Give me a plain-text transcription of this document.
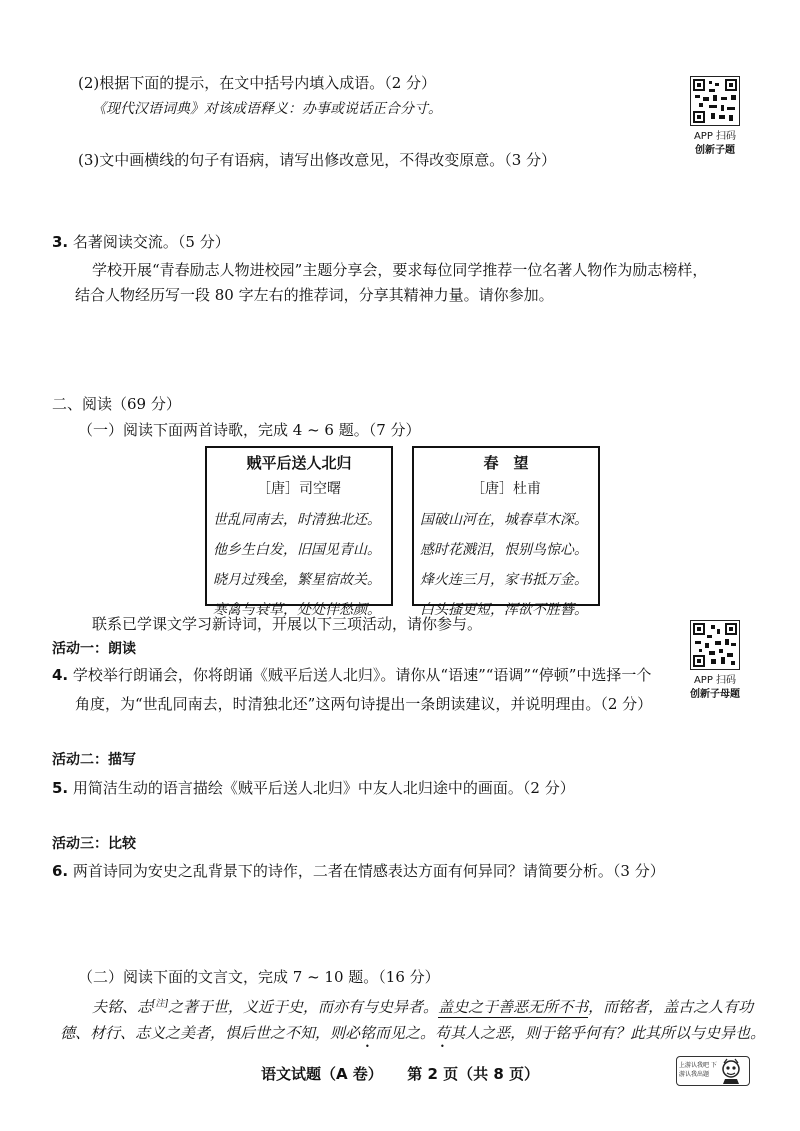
(2)根据下面的提示，在文中括号内填入成语。（2 分）
《现代汉语词典》对该成语释义：办事或说话正合分寸。
(3)文中画横线的句子有语病，请写出修改意见，不得改变原意。（3 分）
APP 扫码
创新子题
3. 名著阅读交流。（5 分）
学校开展“青春励志人物进校园”主题分享会，要求每位同学推荐一位名著人物作为励志榜样，
结合人物经历写一段 80 字左右的推荐词，分享其精神力量。请你参加。
二、阅读（69 分）
（一）阅读下面两首诗歌，完成 4 ~ 6 题。（7 分）
贼平后送人北归
［唐］司空曙
世乱同南去，时清独北还。
他乡生白发，旧国见青山。
晓月过残垒，繁星宿故关。
寒禽与衰草，处处伴愁颜。
春　望
［唐］杜甫
国破山河在，城春草木深。
感时花溅泪，恨别鸟惊心。
烽火连三月，家书抵万金。
白头搔更短，浑欲不胜簪。
联系已学课文学习新诗词，开展以下三项活动，请你参与。
APP 扫码
创新子母题
活动一：朗读
4. 学校举行朗诵会，你将朗诵《贼平后送人北归》。请你从“语速”“语调”“停顿”中选择一个
角度，为“世乱同南去，时清独北还”这两句诗提出一条朗读建议，并说明理由。（2 分）
活动二：描写
5. 用简洁生动的语言描绘《贼平后送人北归》中友人北归途中的画面。（2 分）
活动三：比较
6. 两首诗同为安史之乱背景下的诗作，二者在情感表达方面有何异同？请简要分析。（3 分）
（二）阅读下面的文言文，完成 7 ~ 10 题。（16 分）
夫铭、志[注]之著于世，义近于史，而亦有与史异者。盖史之于善恶无所不书，而铭者，盖古之人有功
德、材行、志义之美者，惧后世之不知，则必铭而见之。苟其人之恶，则于铭乎何有？此其所以与史异也。
语文试题（A 卷） 第 2 页（共 8 页）	上游认我吧 下游认我出题
